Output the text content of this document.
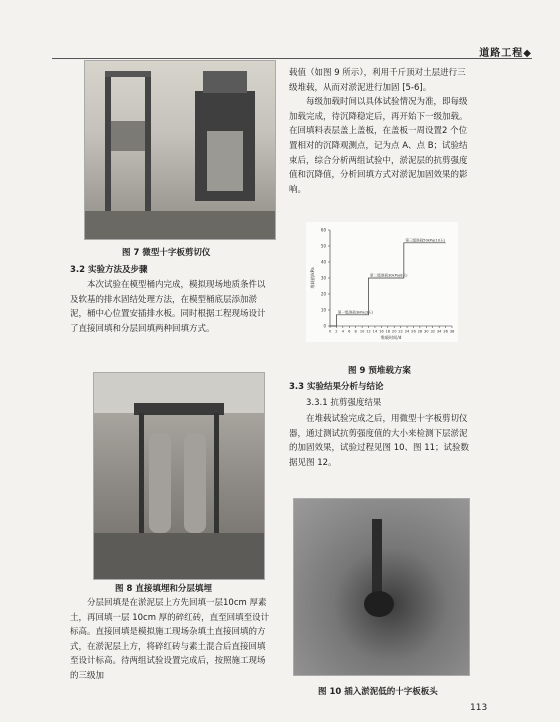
道路工程◆
图 7 微型十字板剪切仪
3.2 实验方法及步骤

本次试验在模型桶内完成，模拟现场地质条件以及软基的排水固结处理方法，在模型桶底层添加淤泥，桶中心位置安插排水板。同时根据工程现场设计了直接回填和分层回填两种回填方式。

图 8 直接填埋和分层填埋

分层回填是在淤泥层上方先回填一层10cm 厚素土，再回填一层 10cm 厚的碎红砖，直至回填至设计标高。直接回填是模拟施工现场杂填土直接回填的方式，在淤泥层上方，将碎红砖与素土混合后直接回填至设计标高。待两组试验设置完成后，按照施工现场的三级加

载值（如图 9 所示），利用千斤顶对土层进行三级堆载，从而对淤泥进行加固 [5-6]。

每级加载时间以具体试验情况为准，即每级加载完成，待沉降稳定后，再开始下一级加载。在回填料表层盖上盖板，在盖板一周设置2 个位置相对的沉降观测点，记为点 A、点 B；试验结束后，综合分析两组试验中，淤泥层的抗剪强度值和沉降值，分析回填方式对淤泥加固效果的影响。

0
10
20
30
40
50
60
0 2 4 6 8 10 12 14 16 18 20 22 24 26 28 30 32 34 36 38
堆载时间/d
堆载值/kPa
第一级堆载3kPa(3天)
第二级堆载30kPa(8天)
第三级堆载50kPa(10天)
图 9 预堆载方案
3.3 实验结果分析与结论
3.3.1 抗剪强度结果

在堆载试验完成之后，用微型十字板剪切仪器，通过测试抗剪强度值的大小来检测下层淤泥的加固效果，试验过程见图 10、图 11；试验数据见图 12。

图 10 插入淤泥低的十字板板头
113
